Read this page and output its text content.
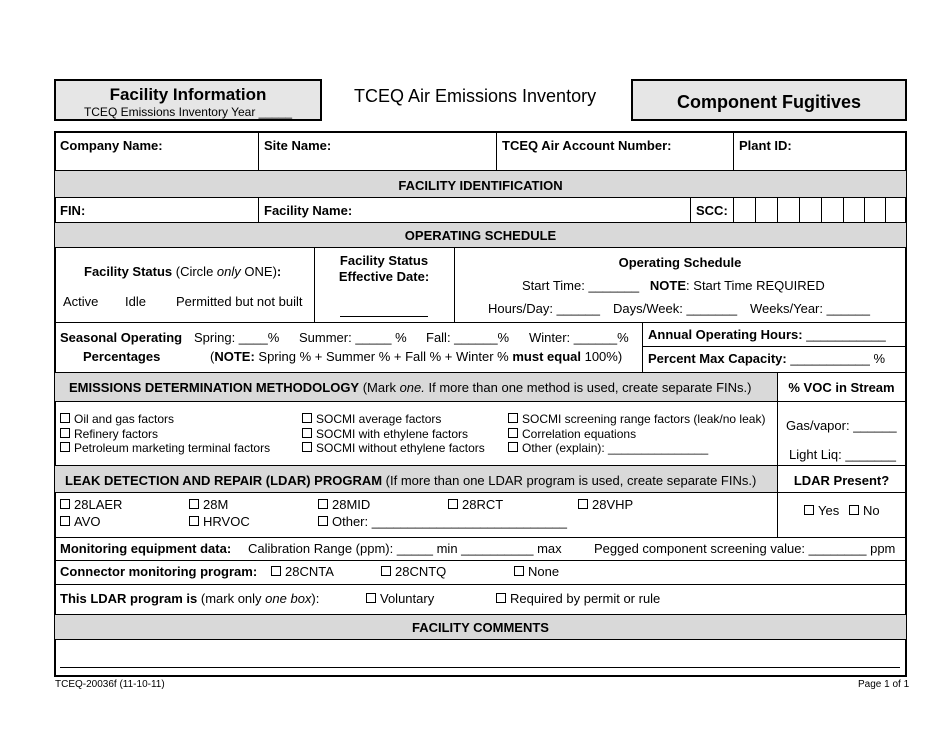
Facility Information
TCEQ Emissions Inventory Year _____
TCEQ Air Emissions Inventory	Component Fugitives
Company Name:	Site Name:	TCEQ Air Account Number:	Plant ID:
FACILITY IDENTIFICATION
FIN:	Facility Name:	SCC:
OPERATING SCHEDULE
Facility Status (Circle only ONE):
Active Idle Permitted but not built
Facility Status
Effective Date:
Operating Schedule
Start Time: _______ NOTE: Start Time REQUIRED
Hours/Day: ______ Days/Week: _______ Weeks/Year: ______
Seasonal Operating
Percentages
Spring: ____% Summer: _____ % Fall: ______% Winter: ______%
(NOTE: Spring % + Summer % + Fall % + Winter % must equal 100%)
Annual Operating Hours: ___________
Percent Max Capacity: ___________ %
EMISSIONS DETERMINATION METHODOLOGY (Mark one. If more than one method is used, create separate FINs.)	% VOC in Stream
Oil and gas factors
Refinery factors
Petroleum marketing terminal factors
SOCMI average factors
SOCMI with ethylene factors
SOCMI without ethylene factors
SOCMI screening range factors (leak/no leak)
Correlation equations
Other (explain): _______________
Gas/vapor: ______
Light Liq: _______
LEAK DETECTION AND REPAIR (LDAR) PROGRAM (If more than one LDAR program is used, create separate FINs.)	LDAR Present?
28LAER	28M	28MID	28RCT	28VHP
AVO	HRVOC	Other: ___________________________
Yes	No
Monitoring equipment data: Calibration Range (ppm): _____ min __________ max Pegged component screening value: ________ ppm
Connector monitoring program:	28CNTA	28CNTQ	None
This LDAR program is (mark only one box):	Voluntary	Required by permit or rule
FACILITY COMMENTS
TCEQ-20036f (11-10-11)	Page 1 of 1
